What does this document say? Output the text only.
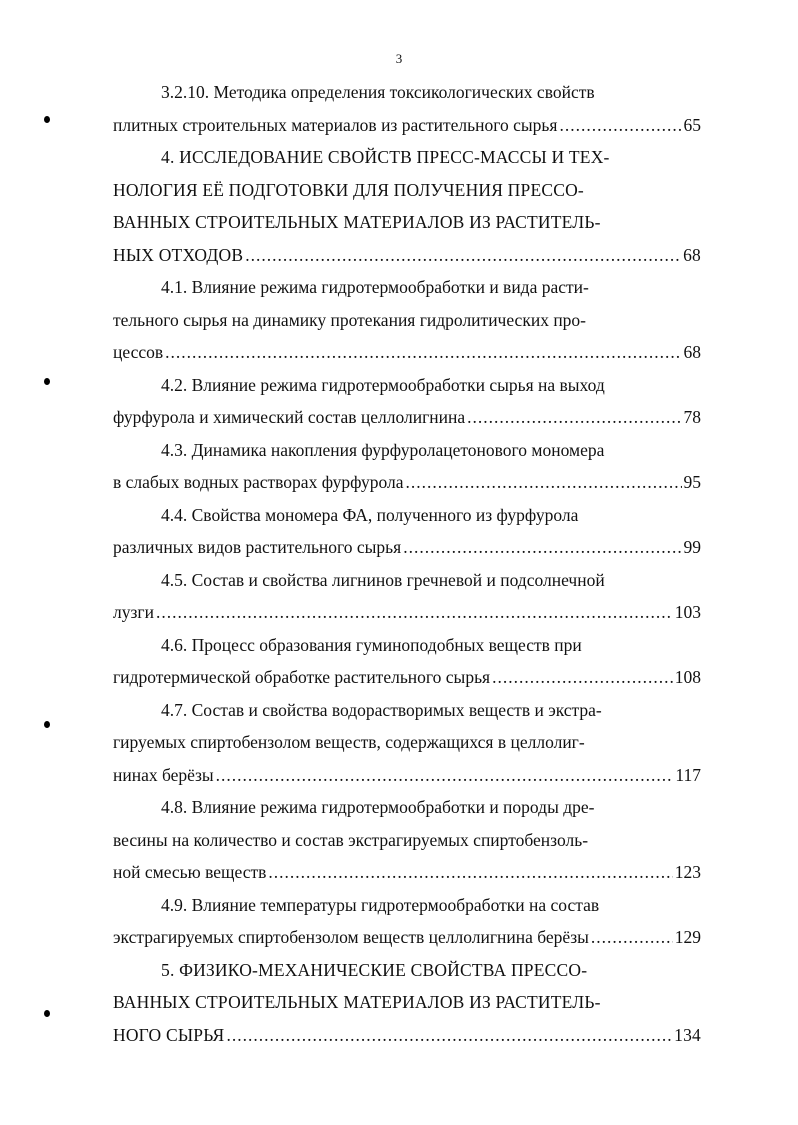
3
3.2.10. Методика определения токсикологических свойств
плитных строительных материалов из растительного сырья .....	65
4. ИССЛЕДОВАНИЕ СВОЙСТВ ПРЕСС-МАССЫ И ТЕХ-
НОЛОГИЯ ЕЁ ПОДГОТОВКИ ДЛЯ ПОЛУЧЕНИЯ ПРЕССО-
ВАННЫХ СТРОИТЕЛЬНЫХ МАТЕРИАЛОВ ИЗ РАСТИТЕЛЬ-
НЫХ ОТХОДОВ .....	68
4.1. Влияние режима гидротермообработки и вида расти-
тельного сырья на динамику протекания гидролитических про-
цессов .....	68
4.2. Влияние режима гидротермообработки сырья на выход
фурфурола и химический состав целлолигнина .....	78
4.3. Динамика накопления фурфуролацетонового мономера
в слабых водных растворах фурфурола .....	95
4.4. Свойства мономера ФА, полученного из фурфурола
различных видов растительного сырья .....	99
4.5. Состав и свойства лигнинов гречневой и подсолнечной
лузги .....	103
4.6. Процесс образования гуминоподобных веществ при
гидротермической обработке растительного сырья .....	108
4.7. Состав и свойства водорастворимых веществ и экстра-
гируемых спиртобензолом веществ, содержащихся в целлолиг-
нинах берёзы .....	117
4.8. Влияние режима гидротермообработки и породы дре-
весины на количество и состав экстрагируемых спиртобензоль-
ной смесью веществ .....	123
4.9. Влияние температуры гидротермообработки на состав
экстрагируемых спиртобензолом веществ целлолигнина берёзы .....	129
5. ФИЗИКО-МЕХАНИЧЕСКИЕ СВОЙСТВА ПРЕССО-
ВАННЫХ СТРОИТЕЛЬНЫХ МАТЕРИАЛОВ ИЗ РАСТИТЕЛЬ-
НОГО СЫРЬЯ .....	134
